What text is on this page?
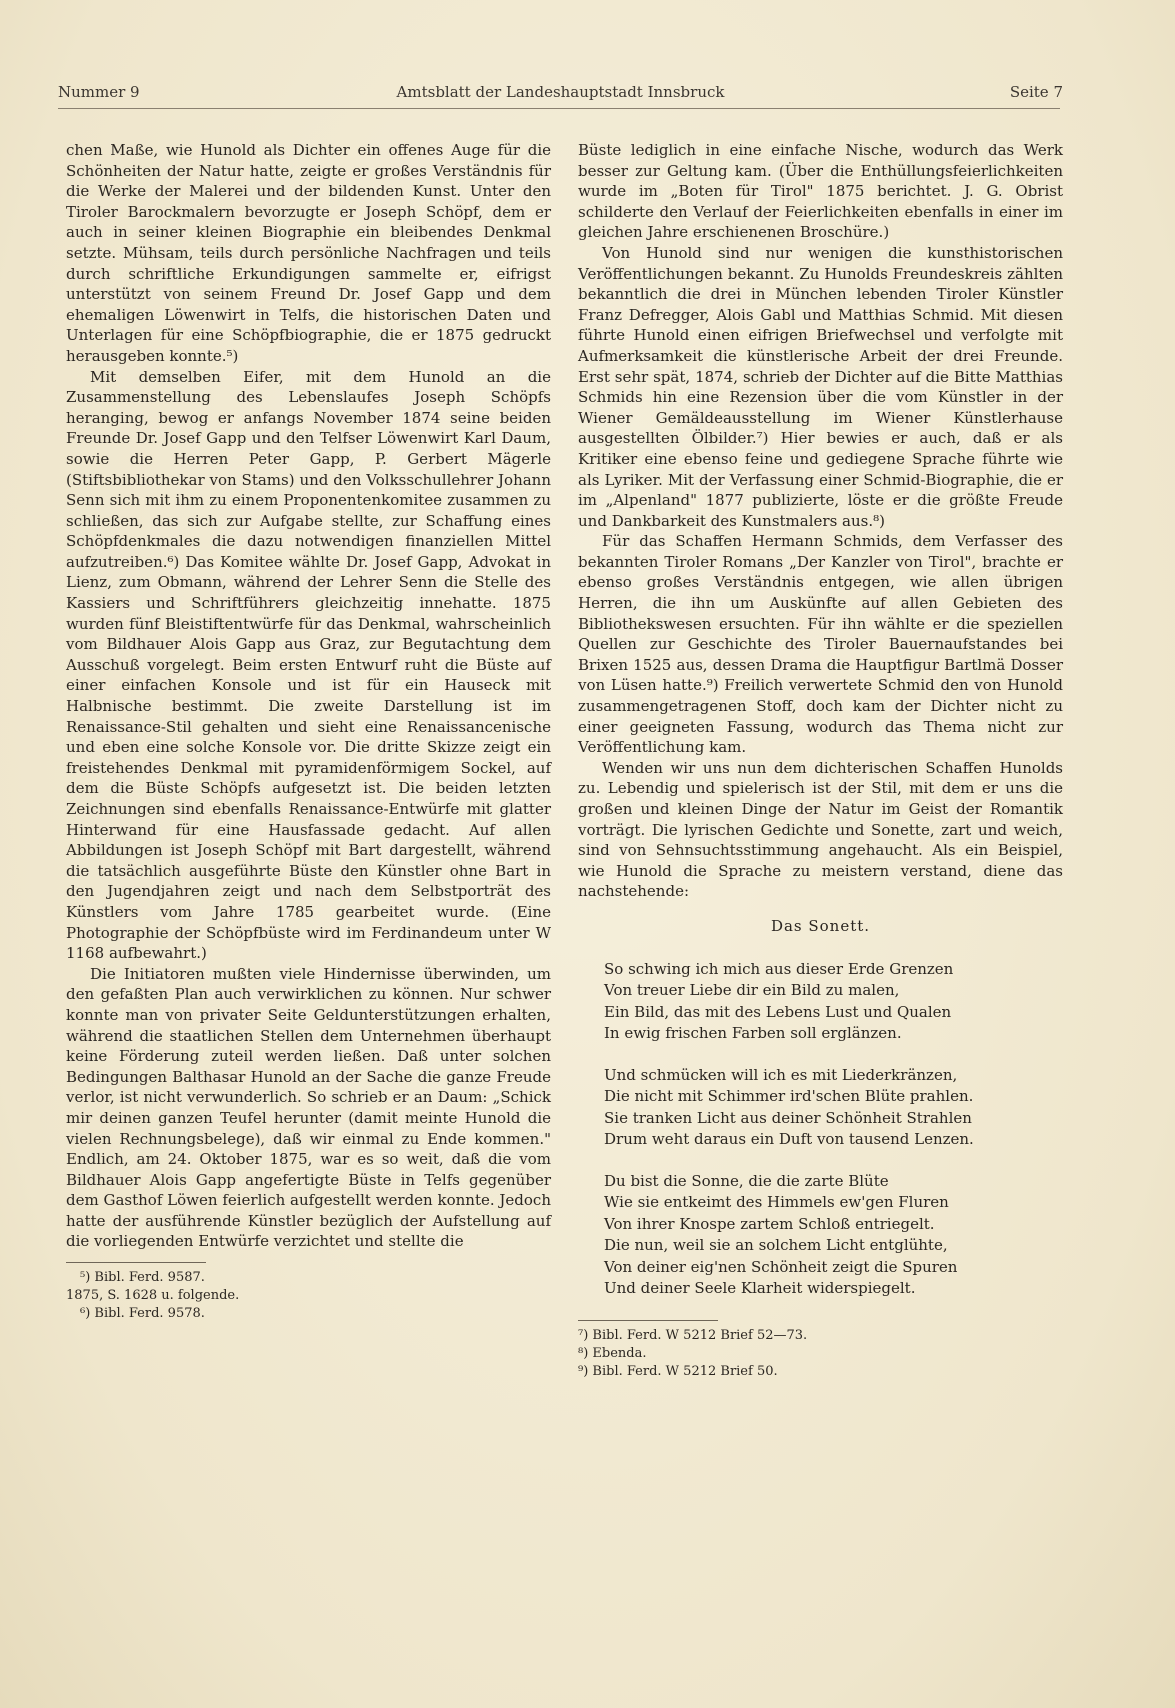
Nummer 9	Amtsblatt der Landeshauptstadt Innsbruck	Seite 7

chen Maße, wie Hunold als Dichter ein offenes Auge für die Schönheiten der Natur hatte, zeigte er großes Verständnis für die Werke der Malerei und der bildenden Kunst. Unter den Tiroler Barockmalern bevorzugte er Joseph Schöpf, dem er auch in seiner kleinen Biographie ein bleibendes Denkmal setzte. Mühsam, teils durch persönliche Nachfragen und teils durch schriftliche Erkundigungen sammelte er, eifrigst unterstützt von seinem Freund Dr. Josef Gapp und dem ehemaligen Löwenwirt in Telfs, die historischen Daten und Unterlagen für eine Schöpfbiographie, die er 1875 gedruckt herausgeben konnte.⁵)

Mit demselben Eifer, mit dem Hunold an die Zusammenstellung des Lebenslaufes Joseph Schöpfs heranging, bewog er anfangs November 1874 seine beiden Freunde Dr. Josef Gapp und den Telfser Löwenwirt Karl Daum, sowie die Herren Peter Gapp, P. Gerbert Mägerle (Stiftsbibliothekar von Stams) und den Volksschullehrer Johann Senn sich mit ihm zu einem Proponentenkomitee zusammen zu schließen, das sich zur Aufgabe stellte, zur Schaffung eines Schöpfdenkmales die dazu notwendigen finanziellen Mittel aufzutreiben.⁶) Das Komitee wählte Dr. Josef Gapp, Advokat in Lienz, zum Obmann, während der Lehrer Senn die Stelle des Kassiers und Schriftführers gleichzeitig innehatte. 1875 wurden fünf Bleistiftentwürfe für das Denkmal, wahrscheinlich vom Bildhauer Alois Gapp aus Graz, zur Begutachtung dem Ausschuß vorgelegt. Beim ersten Entwurf ruht die Büste auf einer einfachen Konsole und ist für ein Hauseck mit Halbnische bestimmt. Die zweite Darstellung ist im Renaissance-Stil gehalten und sieht eine Renaissancenische und eben eine solche Konsole vor. Die dritte Skizze zeigt ein freistehendes Denkmal mit pyramidenförmigem Sockel, auf dem die Büste Schöpfs aufgesetzt ist. Die beiden letzten Zeichnungen sind ebenfalls Renaissance-Entwürfe mit glatter Hinterwand für eine Hausfassade gedacht. Auf allen Abbildungen ist Joseph Schöpf mit Bart dargestellt, während die tatsächlich ausgeführte Büste den Künstler ohne Bart in den Jugendjahren zeigt und nach dem Selbstporträt des Künstlers vom Jahre 1785 gearbeitet wurde. (Eine Photographie der Schöpfbüste wird im Ferdinandeum unter W 1168 aufbewahrt.)

Die Initiatoren mußten viele Hindernisse überwinden, um den gefaßten Plan auch verwirklichen zu können. Nur schwer konnte man von privater Seite Geldunterstützungen erhalten, während die staatlichen Stellen dem Unternehmen überhaupt keine Förderung zuteil werden ließen. Daß unter solchen Bedingungen Balthasar Hunold an der Sache die ganze Freude verlor, ist nicht verwunderlich. So schrieb er an Daum: „Schick mir deinen ganzen Teufel herunter (damit meinte Hunold die vielen Rechnungsbelege), daß wir einmal zu Ende kommen." Endlich, am 24. Oktober 1875, war es so weit, daß die vom Bildhauer Alois Gapp angefertigte Büste in Telfs gegenüber dem Gasthof Löwen feierlich aufgestellt werden konnte. Jedoch hatte der ausführende Künstler bezüglich der Aufstellung auf die vorliegenden Entwürfe verzichtet und stellte die

⁵) Bibl. Ferd. 9587.
1875, S. 1628 u. folgende.
⁶) Bibl. Ferd. 9578.

Büste lediglich in eine einfache Nische, wodurch das Werk besser zur Geltung kam. (Über die Enthüllungsfeierlichkeiten wurde im „Boten für Tirol" 1875 berichtet. J. G. Obrist schilderte den Verlauf der Feierlichkeiten ebenfalls in einer im gleichen Jahre erschienenen Broschüre.)

Von Hunold sind nur wenigen die kunsthistorischen Veröffentlichungen bekannt. Zu Hunolds Freundeskreis zählten bekanntlich die drei in München lebenden Tiroler Künstler Franz Defregger, Alois Gabl und Matthias Schmid. Mit diesen führte Hunold einen eifrigen Briefwechsel und verfolgte mit Aufmerksamkeit die künstlerische Arbeit der drei Freunde. Erst sehr spät, 1874, schrieb der Dichter auf die Bitte Matthias Schmids hin eine Rezension über die vom Künstler in der Wiener Gemäldeausstellung im Wiener Künstlerhause ausgestellten Ölbilder.⁷) Hier bewies er auch, daß er als Kritiker eine ebenso feine und gediegene Sprache führte wie als Lyriker. Mit der Verfassung einer Schmid-Biographie, die er im „Alpenland" 1877 publizierte, löste er die größte Freude und Dankbarkeit des Kunstmalers aus.⁸)

Für das Schaffen Hermann Schmids, dem Verfasser des bekannten Tiroler Romans „Der Kanzler von Tirol", brachte er ebenso großes Verständnis entgegen, wie allen übrigen Herren, die ihn um Auskünfte auf allen Gebieten des Bibliothekswesen ersuchten. Für ihn wählte er die speziellen Quellen zur Geschichte des Tiroler Bauernaufstandes bei Brixen 1525 aus, dessen Drama die Hauptfigur Bartlmä Dosser von Lüsen hatte.⁹) Freilich verwertete Schmid den von Hunold zusammengetragenen Stoff, doch kam der Dichter nicht zu einer geeigneten Fassung, wodurch das Thema nicht zur Veröffentlichung kam.

Wenden wir uns nun dem dichterischen Schaffen Hunolds zu. Lebendig und spielerisch ist der Stil, mit dem er uns die großen und kleinen Dinge der Natur im Geist der Romantik vorträgt. Die lyrischen Gedichte und Sonette, zart und weich, sind von Sehnsuchtsstimmung angehaucht. Als ein Beispiel, wie Hunold die Sprache zu meistern verstand, diene das nachstehende:

Das Sonett.
So schwing ich mich aus dieser Erde Grenzen
Von treuer Liebe dir ein Bild zu malen,
Ein Bild, das mit des Lebens Lust und Qualen
In ewig frischen Farben soll erglänzen.
Und schmücken will ich es mit Liederkränzen,
Die nicht mit Schimmer ird'schen Blüte prahlen.
Sie tranken Licht aus deiner Schönheit Strahlen
Drum weht daraus ein Duft von tausend Lenzen.
Du bist die Sonne, die die zarte Blüte
Wie sie entkeimt des Himmels ew'gen Fluren
Von ihrer Knospe zartem Schloß entriegelt.
Die nun, weil sie an solchem Licht entglühte,
Von deiner eig'nen Schönheit zeigt die Spuren
Und deiner Seele Klarheit widerspiegelt.
⁷) Bibl. Ferd. W 5212 Brief 52—73.
⁸) Ebenda.
⁹) Bibl. Ferd. W 5212 Brief 50.
